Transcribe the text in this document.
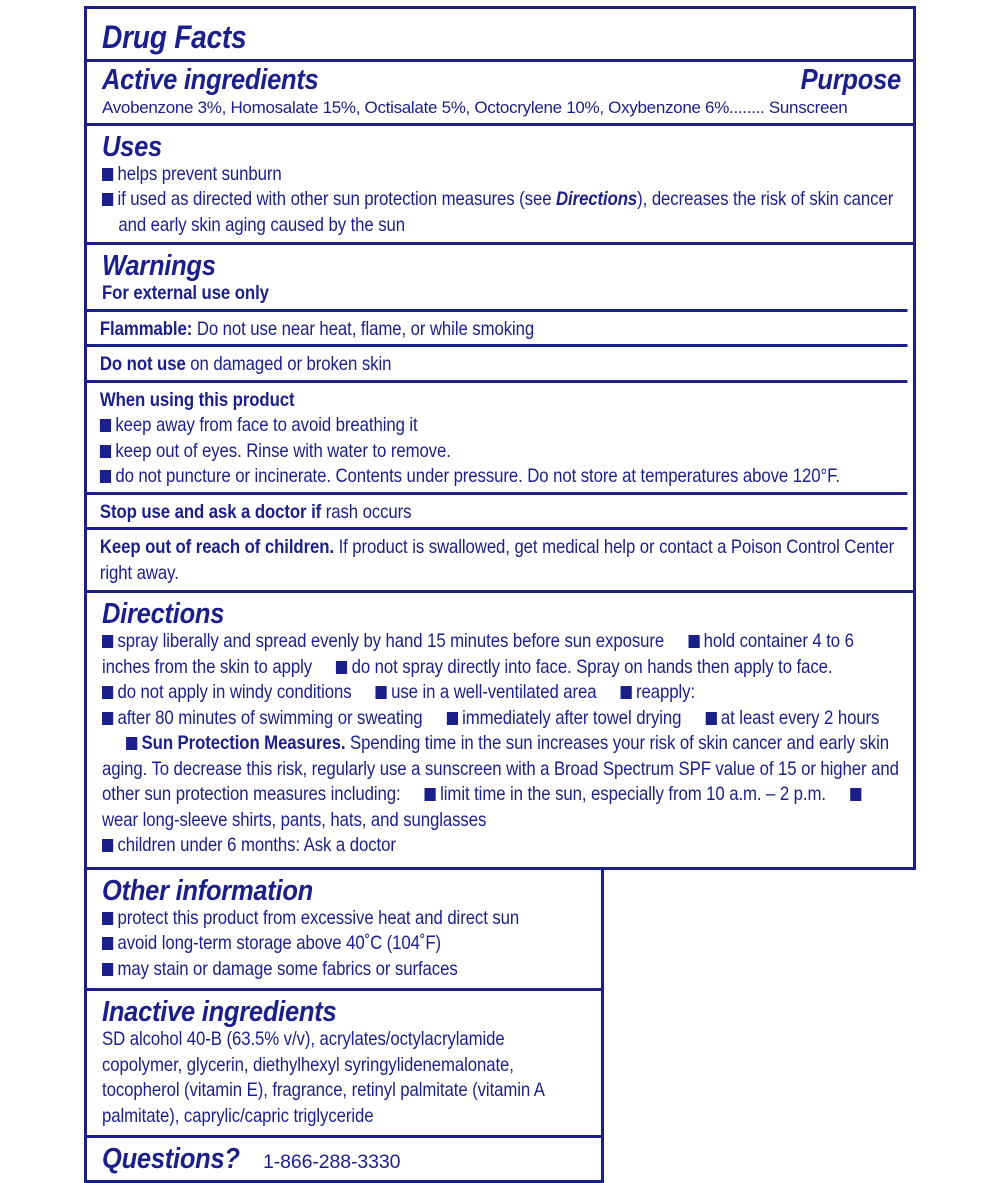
Drug Facts
Active ingredients	Purpose
Avobenzone 3%, Homosalate 15%, Octisalate 5%, Octocrylene 10%, Oxybenzone 6%........ Sunscreen
Uses
helps prevent sunburn
if used as directed with other sun protection measures (see Directions), decreases the risk of skin cancer and early skin aging caused by the sun
Warnings
For external use only
Flammable: Do not use near heat, flame, or while smoking
Do not use on damaged or broken skin
When using this product
keep away from face to avoid breathing it
keep out of eyes. Rinse with water to remove.
do not puncture or incinerate. Contents under pressure. Do not store at temperatures above 120°F.
Stop use and ask a doctor if rash occurs
Keep out of reach of children. If product is swallowed, get medical help or contact a Poison Control Center right away.
Directions
spray liberally and spread evenly by hand 15 minutes before sun exposure hold container 4 to 6 inches from the skin to apply do not spray directly into face. Spray on hands then apply to face.
do not apply in windy conditions use in a well-ventilated area reapply:
after 80 minutes of swimming or sweating immediately after towel drying at least every 2 hoursSun Protection Measures. Spending time in the sun increases your risk of skin cancer and early skin aging. To decrease this risk, regularly use a sunscreen with a Broad Spectrum SPF value of 15 or higher and other sun protection measures including: limit time in the sun, especially from 10 a.m. – 2 p.m.wear long-sleeve shirts, pants, hats, and sunglasses
children under 6 months: Ask a doctor
Other information
protect this product from excessive heat and direct sun
avoid long-term storage above 40˚C (104˚F)
may stain or damage some fabrics or surfaces
Inactive ingredients
SD alcohol 40-B (63.5% v/v), acrylates/octylacrylamide copolymer, glycerin, diethylhexyl syringylidenemalonate, tocopherol (vitamin E), fragrance, retinyl palmitate (vitamin A palmitate), caprylic/capric triglyceride
Questions? 1-866-288-3330
